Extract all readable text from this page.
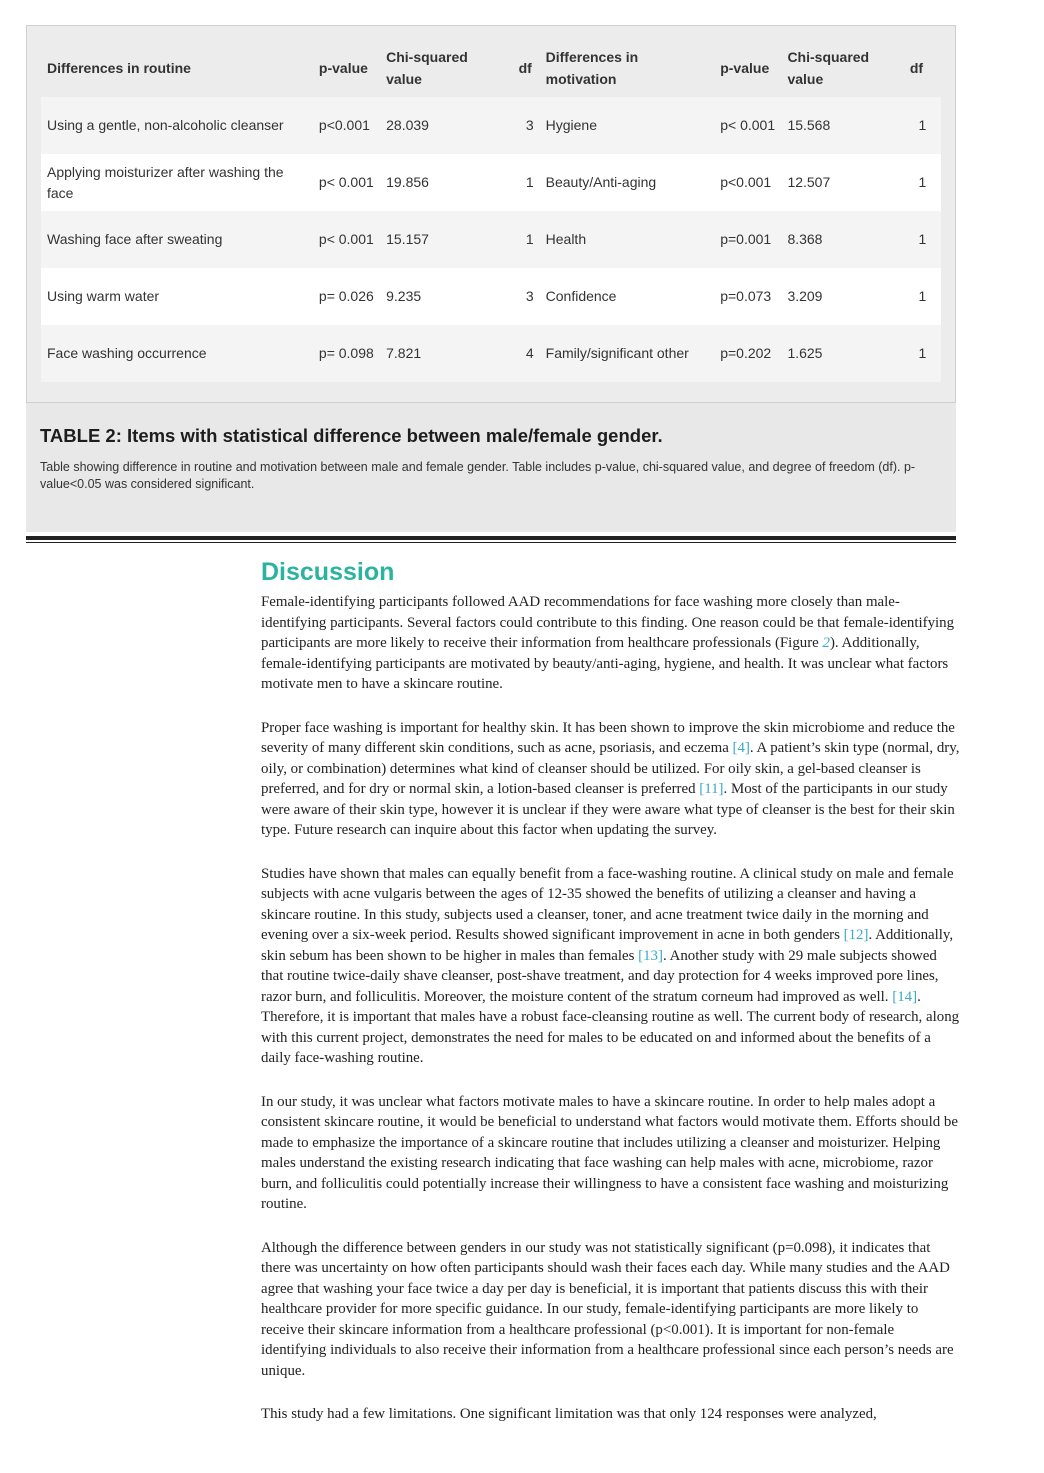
Differences in routine	p-value	Chi-squared value	df	Differences in motivation	p-value	Chi-squared value	df
Using a gentle, non-alcoholic cleanser	p<0.001	28.039	3	Hygiene	p< 0.001	15.568	1
Applying moisturizer after washing the face	p< 0.001	19.856	1	Beauty/Anti-aging	p<0.001	12.507	1
Washing face after sweating	p< 0.001	15.157	1	Health	p=0.001	8.368	1
Using warm water	p= 0.026	9.235	3	Confidence	p=0.073	3.209	1
Face washing occurrence	p= 0.098	7.821	4	Family/significant other	p=0.202	1.625	1

TABLE 2: Items with statistical difference between male/female gender.

Table showing difference in routine and motivation between male and female gender. Table includes p-value, chi-squared value, and degree of freedom (df). p-value<0.05 was considered significant.

Discussion

Female-identifying participants followed AAD recommendations for face washing more closely than male-identifying participants. Several factors could contribute to this finding. One reason could be that female-identifying participants are more likely to receive their information from healthcare professionals (Figure 2). Additionally, female-identifying participants are motivated by beauty/anti-aging, hygiene, and health. It was unclear what factors motivate men to have a skincare routine.

Proper face washing is important for healthy skin. It has been shown to improve the skin microbiome and reduce the severity of many different skin conditions, such as acne, psoriasis, and eczema [4]. A patient’s skin type (normal, dry, oily, or combination) determines what kind of cleanser should be utilized. For oily skin, a gel-based cleanser is preferred, and for dry or normal skin, a lotion-based cleanser is preferred [11]. Most of the participants in our study were aware of their skin type, however it is unclear if they were aware what type of cleanser is the best for their skin type. Future research can inquire about this factor when updating the survey.

Studies have shown that males can equally benefit from a face-washing routine. A clinical study on male and female subjects with acne vulgaris between the ages of 12-35 showed the benefits of utilizing a cleanser and having a skincare routine. In this study, subjects used a cleanser, toner, and acne treatment twice daily in the morning and evening over a six-week period. Results showed significant improvement in acne in both genders [12]. Additionally, skin sebum has been shown to be higher in males than females [13]. Another study with 29 male subjects showed that routine twice-daily shave cleanser, post-shave treatment, and day protection for 4 weeks improved pore lines, razor burn, and folliculitis. Moreover, the moisture content of the stratum corneum had improved as well. [14]. Therefore, it is important that males have a robust face-cleansing routine as well. The current body of research, along with this current project, demonstrates the need for males to be educated on and informed about the benefits of a daily face-washing routine.

In our study, it was unclear what factors motivate males to have a skincare routine. In order to help males adopt a consistent skincare routine, it would be beneficial to understand what factors would motivate them. Efforts should be made to emphasize the importance of a skincare routine that includes utilizing a cleanser and moisturizer. Helping males understand the existing research indicating that face washing can help males with acne, microbiome, razor burn, and folliculitis could potentially increase their willingness to have a consistent face washing and moisturizing routine.

Although the difference between genders in our study was not statistically significant (p=0.098), it indicates that there was uncertainty on how often participants should wash their faces each day. While many studies and the AAD agree that washing your face twice a day per day is beneficial, it is important that patients discuss this with their healthcare provider for more specific guidance. In our study, female-identifying participants are more likely to receive their skincare information from a healthcare professional (p<0.001). It is important for non-female identifying individuals to also receive their information from a healthcare professional since each person’s needs are unique.

This study had a few limitations. One significant limitation was that only 124 responses were analyzed,
